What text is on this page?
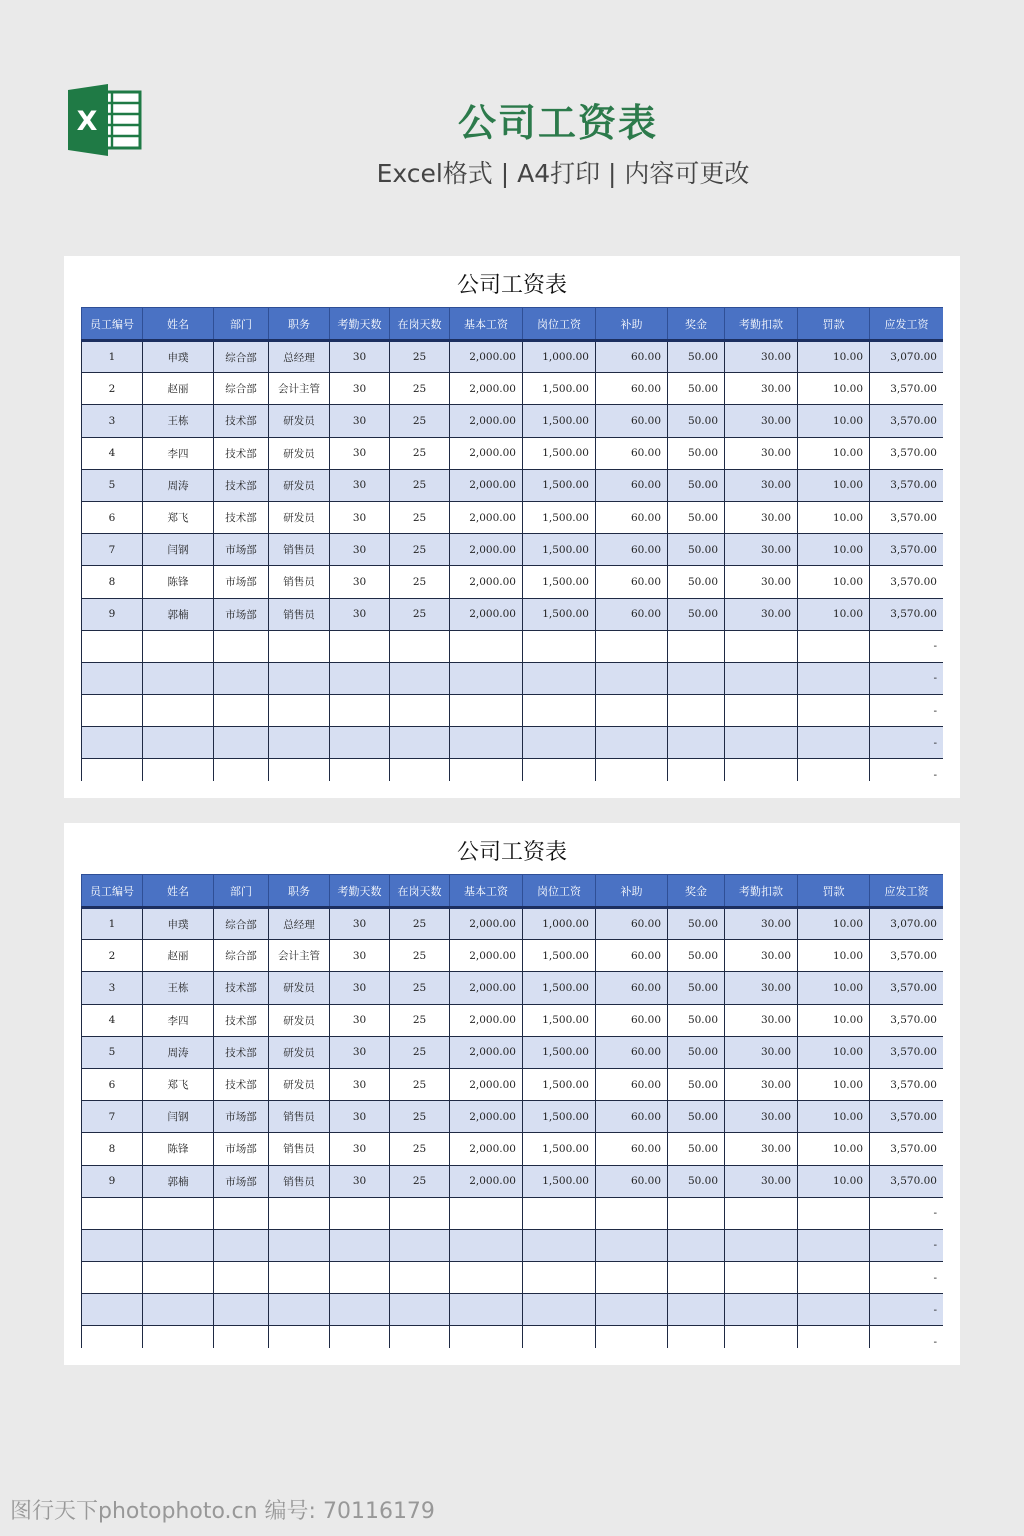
X	公司工资表
Excel格式 | A4打印 | 内容可更改
公司工资表
员工编号	姓名	部门	职务	考勤天数	在岗天数	基本工资	岗位工资	补助	奖金	考勤扣款	罚款	应发工资
1	申璞	综合部	总经理	30	25	2,000.00	1,000.00	60.00	50.00	30.00	10.00	3,070.00
2	赵丽	综合部	会计主管	30	25	2,000.00	1,500.00	60.00	50.00	30.00	10.00	3,570.00
3	王栋	技术部	研发员	30	25	2,000.00	1,500.00	60.00	50.00	30.00	10.00	3,570.00
4	李四	技术部	研发员	30	25	2,000.00	1,500.00	60.00	50.00	30.00	10.00	3,570.00
5	周涛	技术部	研发员	30	25	2,000.00	1,500.00	60.00	50.00	30.00	10.00	3,570.00
6	郑飞	技术部	研发员	30	25	2,000.00	1,500.00	60.00	50.00	30.00	10.00	3,570.00
7	闫钢	市场部	销售员	30	25	2,000.00	1,500.00	60.00	50.00	30.00	10.00	3,570.00
8	陈锋	市场部	销售员	30	25	2,000.00	1,500.00	60.00	50.00	30.00	10.00	3,570.00
9	郭楠	市场部	销售员	30	25	2,000.00	1,500.00	60.00	50.00	30.00	10.00	3,570.00
												-
												-
												-
												-
												-
公司工资表
员工编号	姓名	部门	职务	考勤天数	在岗天数	基本工资	岗位工资	补助	奖金	考勤扣款	罚款	应发工资
1	申璞	综合部	总经理	30	25	2,000.00	1,000.00	60.00	50.00	30.00	10.00	3,070.00
2	赵丽	综合部	会计主管	30	25	2,000.00	1,500.00	60.00	50.00	30.00	10.00	3,570.00
3	王栋	技术部	研发员	30	25	2,000.00	1,500.00	60.00	50.00	30.00	10.00	3,570.00
4	李四	技术部	研发员	30	25	2,000.00	1,500.00	60.00	50.00	30.00	10.00	3,570.00
5	周涛	技术部	研发员	30	25	2,000.00	1,500.00	60.00	50.00	30.00	10.00	3,570.00
6	郑飞	技术部	研发员	30	25	2,000.00	1,500.00	60.00	50.00	30.00	10.00	3,570.00
7	闫钢	市场部	销售员	30	25	2,000.00	1,500.00	60.00	50.00	30.00	10.00	3,570.00
8	陈锋	市场部	销售员	30	25	2,000.00	1,500.00	60.00	50.00	30.00	10.00	3,570.00
9	郭楠	市场部	销售员	30	25	2,000.00	1,500.00	60.00	50.00	30.00	10.00	3,570.00
												-
												-
												-
												-
												-
图行天下photophoto.cn 编号: 70116179
